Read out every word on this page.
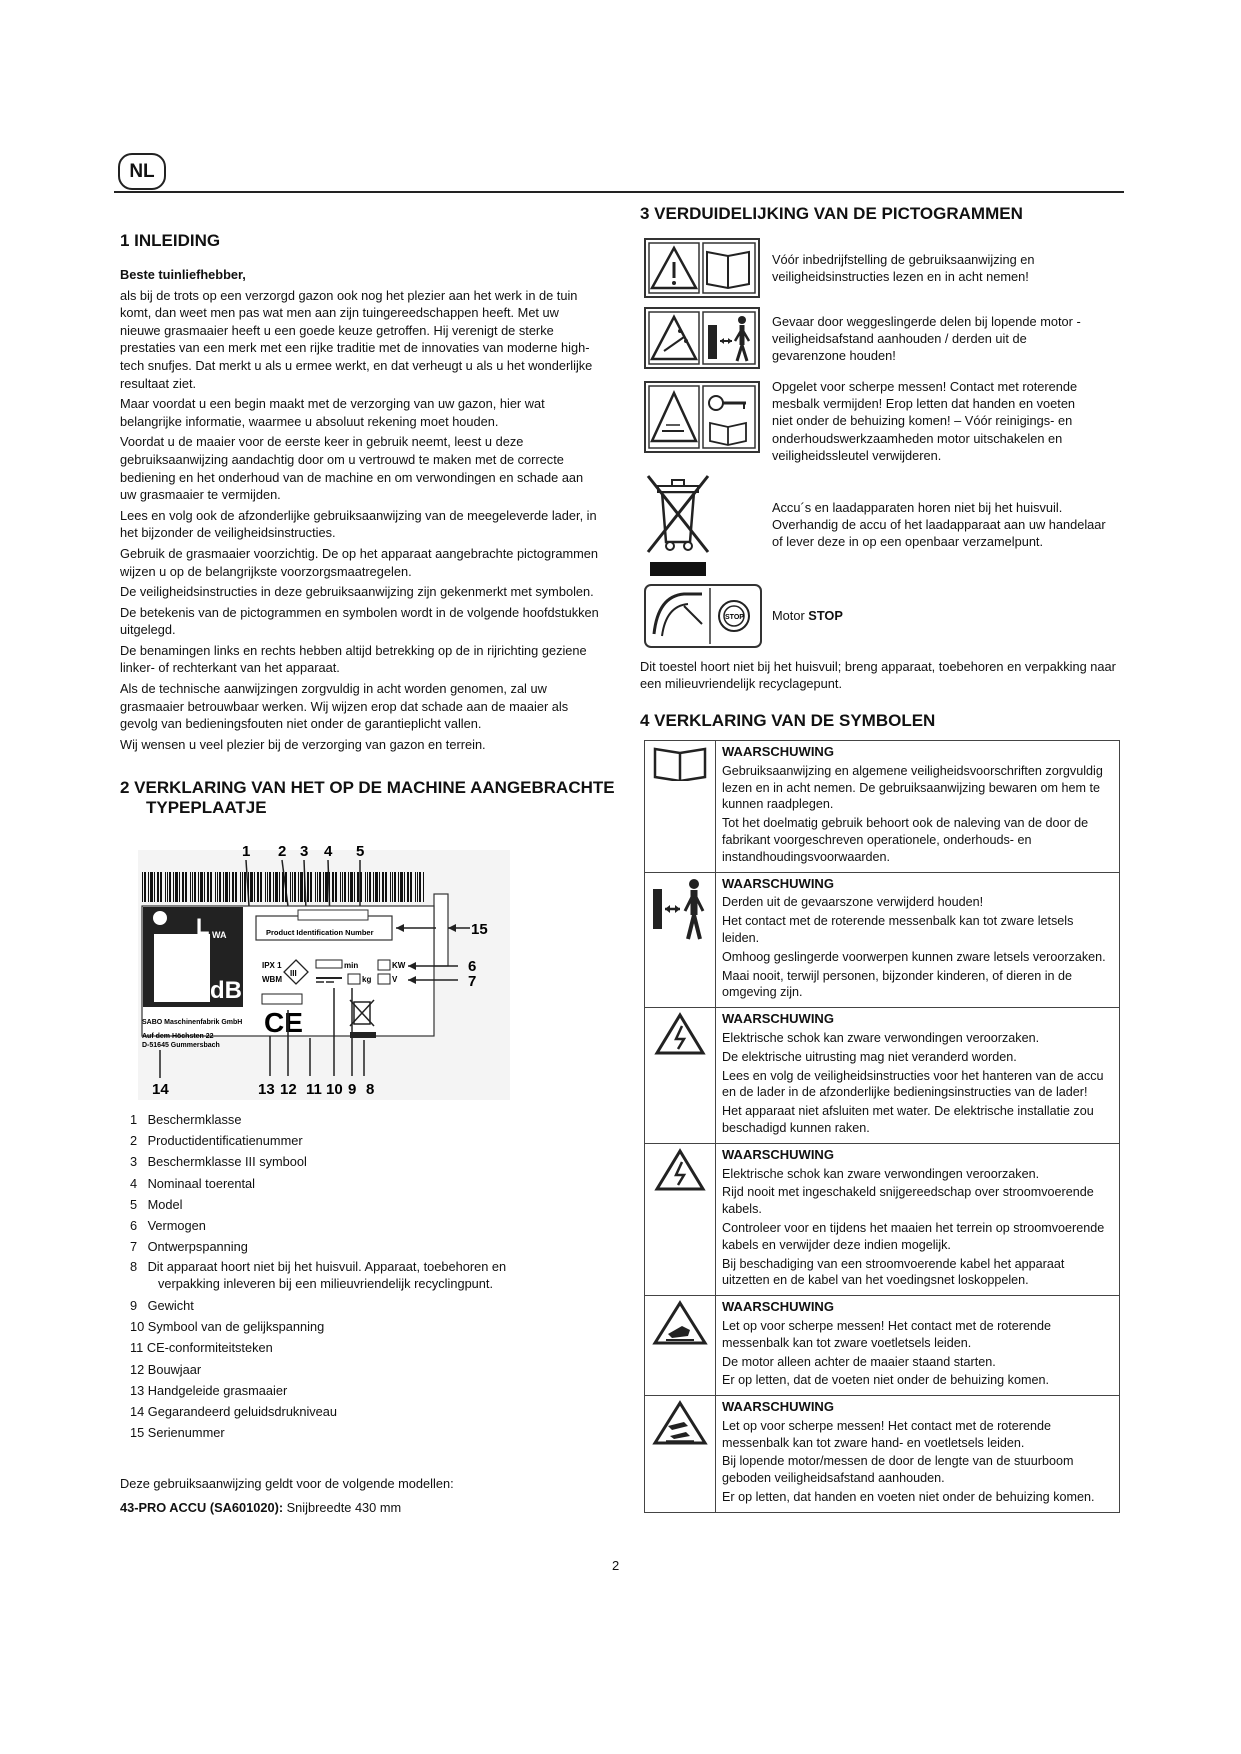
NL
1 INLEIDING

Beste tuinliefhebber,

als bij de trots op een verzorgd gazon ook nog het plezier aan het werk in de tuin komt, dan weet men pas wat men aan zijn tuingereedschappen heeft. Met uw nieuwe grasmaaier heeft u een goede keuze getroffen. Hij verenigt de sterke prestaties van een merk met een rijke traditie met de innovaties van moderne high-tech snufjes. Dat merkt u als u ermee werkt, en dat verheugt u als u het wonderlijke resultaat ziet.

Maar voordat u een begin maakt met de verzorging van uw gazon, hier wat belangrijke informatie, waarmee u absoluut rekening moet houden.

Voordat u de maaier voor de eerste keer in gebruik neemt, leest u deze gebruiksaanwijzing aandachtig door om u vertrouwd te maken met de correcte bediening en het onderhoud van de machine en om verwondingen en schade aan uw grasmaaier te vermijden.

Lees en volg ook de afzonderlijke gebruiksaanwijzing van de meegeleverde lader, in het bijzonder de veiligheidsinstructies.

Gebruik de grasmaaier voorzichtig. De op het apparaat aangebrachte pictogrammen wijzen u op de belangrijkste voorzorgsmaatregelen.

De veiligheidsinstructies in deze gebruiksaanwijzing zijn gekenmerkt met symbolen.

De betekenis van de pictogrammen en symbolen wordt in de volgende hoofdstukken uitgelegd.

De benamingen links en rechts hebben altijd betrekking op de in rijrichting geziene linker- of rechterkant van het apparaat.

Als de technische aanwijzingen zorgvuldig in acht worden genomen, zal uw grasmaaier betrouwbaar werken. Wij wijzen erop dat schade aan de maaier als gevolg van bedieningsfouten niet onder de garantieplicht vallen.

Wij wensen u veel plezier bij de verzorging van gazon en terrein.

2 VERKLARING VAN HET OP DE MACHINE AANGEBRACHTE
TYPEPLAATJE
1 2 3 4 5
L WA
dB
Product Identification Number	15
IPX 1
WBM
III
min
kg
KW
V
6
7
CE
SABO Maschinenfabrik GmbH
Auf dem Höchsten 22
D-51645 Gummersbach
14	13 12 11 10 9 8
1 Beschermklasse
2 Productidentificatienummer
3 Beschermklasse III symbool
4 Nominaal toerental
5 Model
6 Vermogen
7 Ontwerpspanning
8 Dit apparaat hoort niet bij het huisvuil. Apparaat, toebehoren en verpakking inleveren bij een milieuvriendelijk recyclingpunt.
9 Gewicht
10 Symbool van de gelijkspanning
11 CE-conformiteitsteken
12 Bouwjaar
13 Handgeleide grasmaaier
14 Gegarandeerd geluidsdrukniveau
15 Serienummer
Deze gebruiksaanwijzing geldt voor de volgende modellen:
43-PRO ACCU (SA601020): Snijbreedte 430 mm
3 VERDUIDELIJKING VAN DE PICTOGRAMMEN
Vóór inbedrijfstelling de gebruiksaanwijzing en veiligheidsinstructies lezen en in acht nemen!
Gevaar door weggeslingerde delen bij lopende motor - veiligheidsafstand aanhouden / derden uit de gevarenzone houden!
Opgelet voor scherpe messen! Contact met roterende mesbalk vermijden! Erop letten dat handen en voeten niet onder de behuizing komen! – Vóór reinigings- en onderhoudswerkzaamheden motor uitschakelen en veiligheidssleutel verwijderen.
Accu´s en laadapparaten horen niet bij het huisvuil. Overhandig de accu of het laadapparaat aan uw handelaar of lever deze in op een openbaar verzamelpunt.
STOP Motor STOP
Dit toestel hoort niet bij het huisvuil; breng apparaat, toebehoren en verpakking naar een milieuvriendelijk recyclagepunt.
4 VERKLARING VAN DE SYMBOLEN

WAARSCHUWING

Gebruiksaanwijzing en algemene veiligheidsvoorschriften zorgvuldig lezen en in acht nemen. De gebruiksaanwijzing bewaren om hem te kunnen raadplegen.

Tot het doelmatig gebruik behoort ook de naleving van de door de fabrikant voorgeschreven operationele, onderhouds- en instandhoudingsvoorwaarden.

WAARSCHUWING

Derden uit de gevaarszone verwijderd houden!

Het contact met de roterende messenbalk kan tot zware letsels leiden.

Omhoog geslingerde voorwerpen kunnen zware letsels veroorzaken.

Maai nooit, terwijl personen, bijzonder kinderen, of dieren in de omgeving zijn.

WAARSCHUWING

Elektrische schok kan zware verwondingen veroorzaken.

De elektrische uitrusting mag niet veranderd worden.

Lees en volg de veiligheidsinstructies voor het hanteren van de accu en de lader in de afzonderlijke bedieningsinstructies van de lader!

Het apparaat niet afsluiten met water. De elektrische installatie zou beschadigd kunnen raken.

WAARSCHUWING

Elektrische schok kan zware verwondingen veroorzaken.

Rijd nooit met ingeschakeld snijgereedschap over stroomvoerende kabels.

Controleer voor en tijdens het maaien het terrein op stroomvoerende kabels en verwijder deze indien mogelijk.

Bij beschadiging van een stroomvoerende kabel het apparaat uitzetten en de kabel van het voedingsnet loskoppelen.

WAARSCHUWING

Let op voor scherpe messen! Het contact met de roterende messenbalk kan tot zware voetletsels leiden.

De motor alleen achter de maaier staand starten.

Er op letten, dat de voeten niet onder de behuizing komen.

WAARSCHUWING

Let op voor scherpe messen! Het contact met de roterende messenbalk kan tot zware hand- en voetletsels leiden.

Bij lopende motor/messen de door de lengte van de stuurboom geboden veiligheidsafstand aanhouden.

Er op letten, dat handen en voeten niet onder de behuizing komen.

2
